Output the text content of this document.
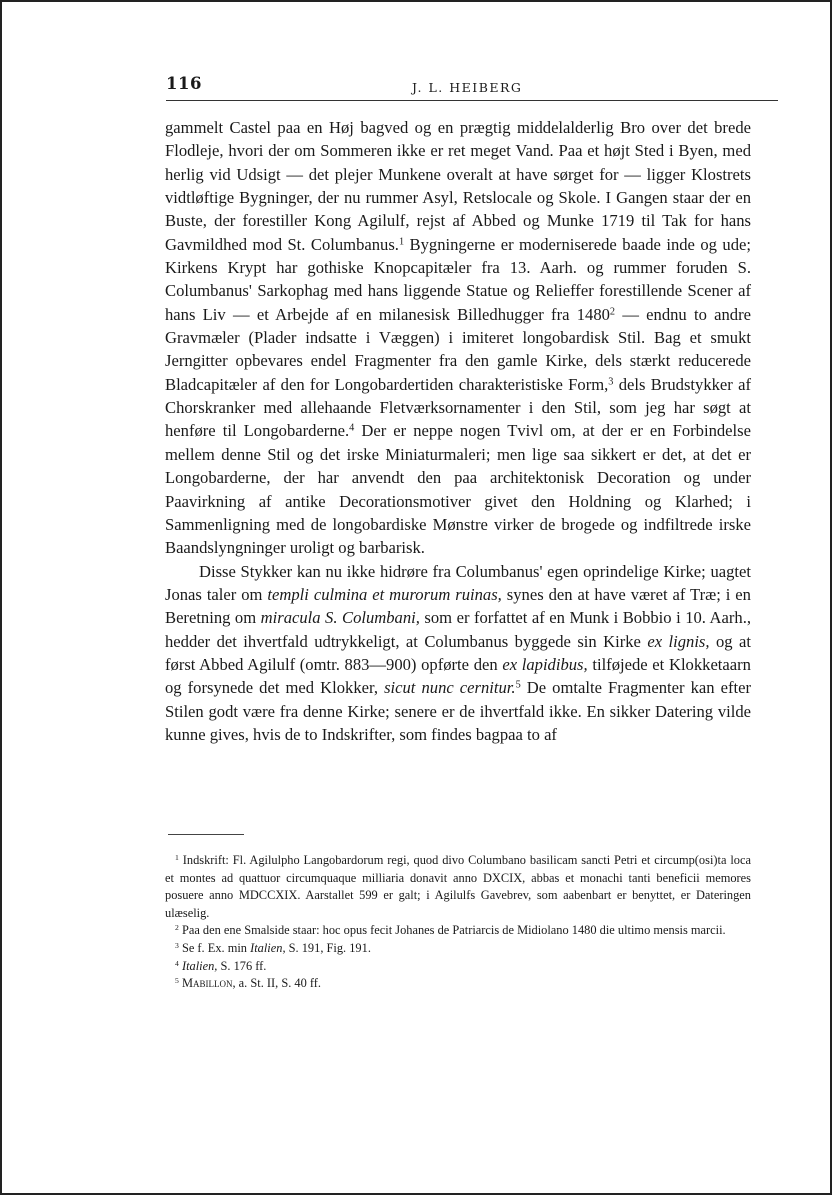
116	J. L. HEIBERG

gammelt Castel paa en Høj bagved og en prægtig middelalderlig Bro over det brede Flodleje, hvori der om Sommeren ikke er ret meget Vand. Paa et højt Sted i Byen, med herlig vid Udsigt — det plejer Munkene overalt at have sørget for — ligger Klostrets vidtløftige Bygninger, der nu rummer Asyl, Retslocale og Skole. I Gangen staar der en Buste, der forestiller Kong Agilulf, rejst af Abbed og Munke 1719 til Tak for hans Gavmildhed mod St. Columbanus.$^1$ Bygningerne er moderniserede baade inde og ude; Kirkens Krypt har gothiske Knopcapitæler fra 13. Aarh. og rummer foruden S. Columbanus' Sarkophag med hans liggende Statue og Relieffer forestillende Scener af hans Liv — et Arbejde af en milanesisk Billedhugger fra 1480$^2$ — endnu to andre Gravmæler (Plader indsatte i Væggen) i imiteret longobardisk Stil. Bag et smukt Jerngitter opbevares endel Fragmenter fra den gamle Kirke, dels stærkt reducerede Bladcapitæler af den for Longobardertiden charakteristiske Form,$^3$ dels Brudstykker af Chorskranker med allehaande Fletværksornamenter i den Stil, som jeg har søgt at henføre til Longobarderne.$^4$ Der er neppe nogen Tvivl om, at der er en Forbindelse mellem denne Stil og det irske Miniaturmaleri; men lige saa sikkert er det, at det er Longobarderne, der har anvendt den paa architektonisk Decoration og under Paavirkning af antike Decorationsmotiver givet den Holdning og Klarhed; i Sammenligning med de longobardiske Mønstre virker de brogede og indfiltrede irske Baandslyngninger uroligt og barbarisk.

Disse Stykker kan nu ikke hidrøre fra Columbanus' egen oprindelige Kirke; uagtet Jonas taler om templi culmina et murorum ruinas, synes den at have været af Træ; i en Beretning om miracula S. Columbani, som er forfattet af en Munk i Bobbio i 10. Aarh., hedder det ihvertfald udtrykkeligt, at Columbanus byggede sin Kirke ex lignis, og at først Abbed Agilulf (omtr. 883—900) opførte den ex lapidibus, tilføjede et Klokketaarn og forsynede det med Klokker, sicut nunc cernitur.$^5$ De omtalte Fragmenter kan efter Stilen godt være fra denne Kirke; senere er de ihvertfald ikke. En sikker Datering vilde kunne gives, hvis de to Indskrifter, som findes bagpaa to af

$^1$ Indskrift: Fl. Agilulpho Langobardorum regi, quod divo Columbano basilicam sancti Petri et circump(osi)ta loca et montes ad quattuor circumquaque milliaria donavit anno DXCIX, abbas et monachi tanti beneficii memores posuere anno MDCCXIX. Aarstallet 599 er galt; i Agilulfs Gavebrev, som aabenbart er benyttet, er Dateringen ulæselig.

$^2$ Paa den ene Smalside staar: hoc opus fecit Johanes de Patriarcis de Midiolano 1480 die ultimo mensis marcii.

$^3$ Se f. Ex. min Italien, S. 191, Fig. 191.

$^4$ Italien, S. 176 ff.

$^5$ Mabillon, a. St. II, S. 40 ff.
